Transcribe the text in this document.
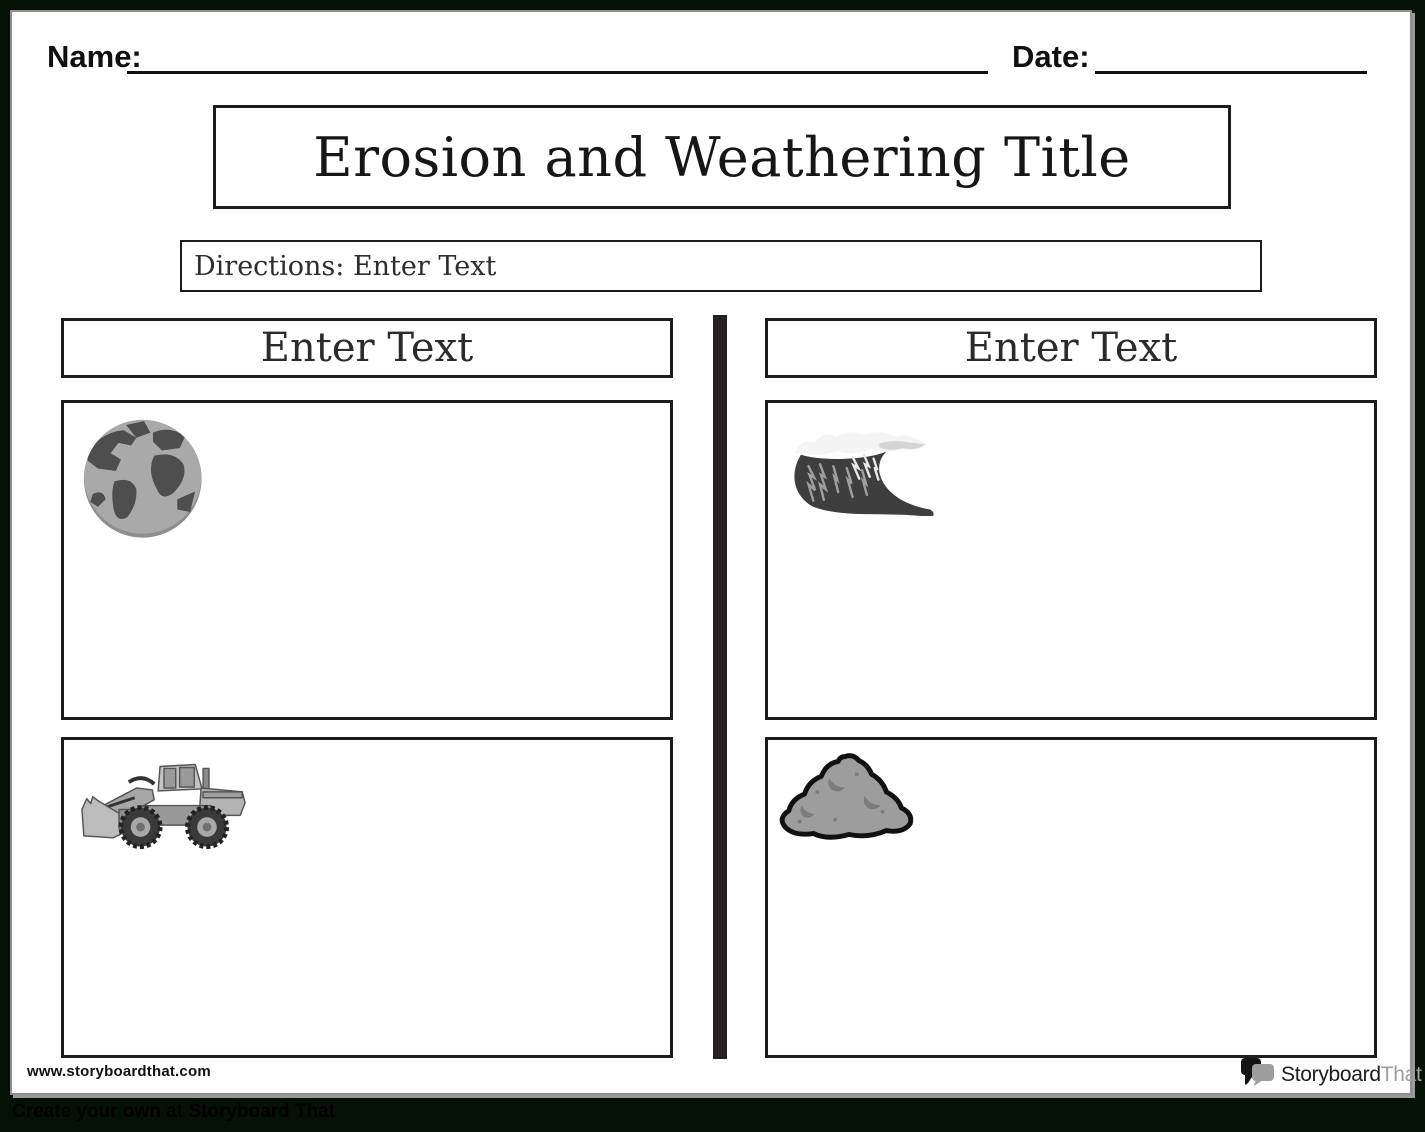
Name:	Date:
Erosion and Weathering Title
Directions: Enter Text
Enter Text	Enter Text
www.storyboardthat.com	StoryboardThat
Create your own at Storyboard That
